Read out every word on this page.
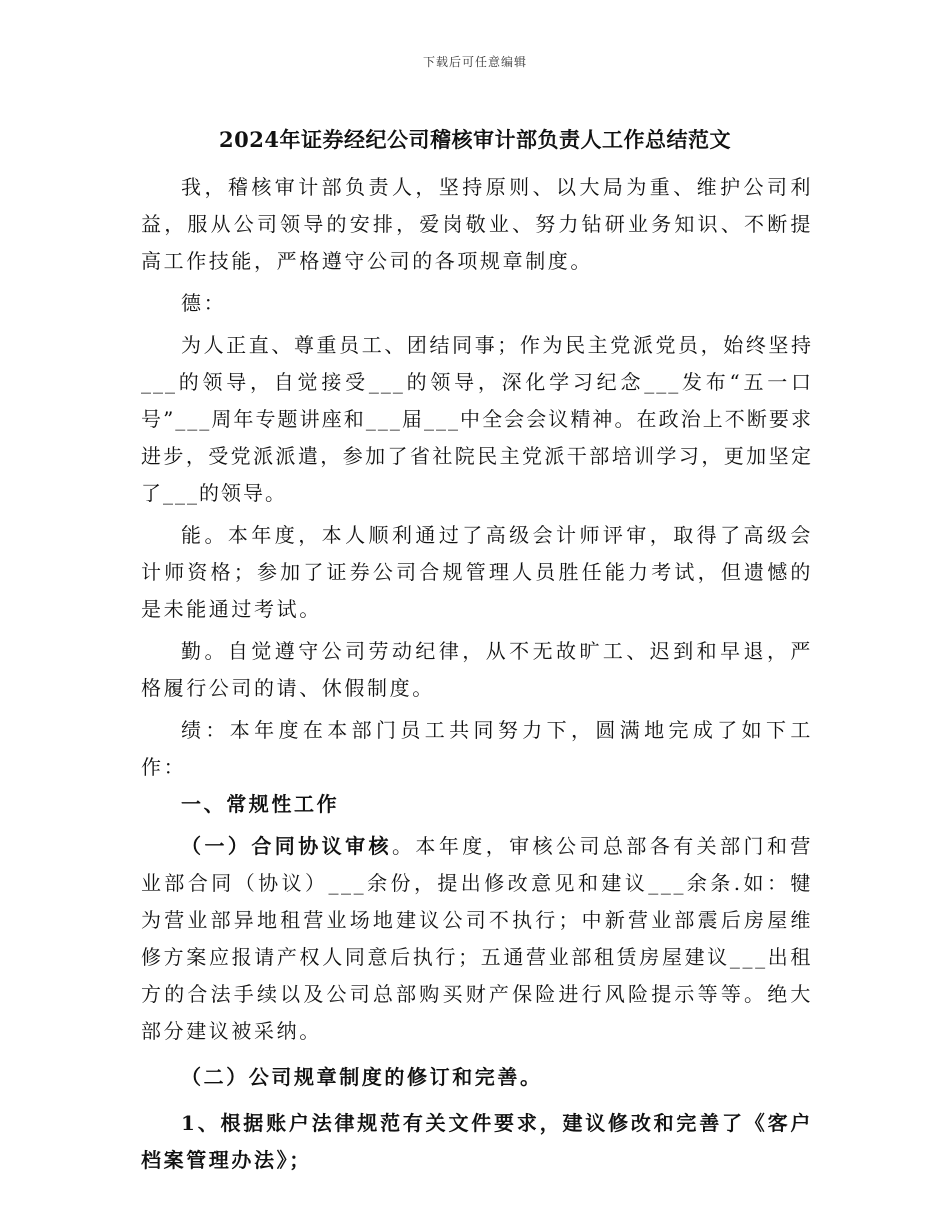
下载后可任意编辑
2024年证券经纪公司稽核审计部负责人工作总结范文

我，稽核审计部负责人，坚持原则、以大局为重、维护公司利益，服从公司领导的安排，爱岗敬业、努力钻研业务知识、不断提高工作技能，严格遵守公司的各项规章制度。

德：

为人正直、尊重员工、团结同事；作为民主党派党员，始终坚持___的领导，自觉接受___的领导，深化学习纪念___发布“五一口号”___周年专题讲座和___届___中全会会议精神。在政治上不断要求进步，受党派派遣，参加了省社院民主党派干部培训学习，更加坚定了___的领导。

能。本年度，本人顺利通过了高级会计师评审，取得了高级会计师资格；参加了证券公司合规管理人员胜任能力考试，但遗憾的是未能通过考试。

勤。自觉遵守公司劳动纪律，从不无故旷工、迟到和早退，严格履行公司的请、休假制度。

绩：本年度在本部门员工共同努力下，圆满地完成了如下工作：

一、常规性工作

（一）合同协议审核。本年度，审核公司总部各有关部门和营业部合同（协议）___余份，提出修改意见和建议___余条.如：犍为营业部异地租营业场地建议公司不执行；中新营业部震后房屋维修方案应报请产权人同意后执行；五通营业部租赁房屋建议___出租方的合法手续以及公司总部购买财产保险进行风险提示等等。绝大部分建议被采纳。

（二）公司规章制度的修订和完善。

1、根据账户法律规范有关文件要求，建议修改和完善了《客户档案管理办法》；
